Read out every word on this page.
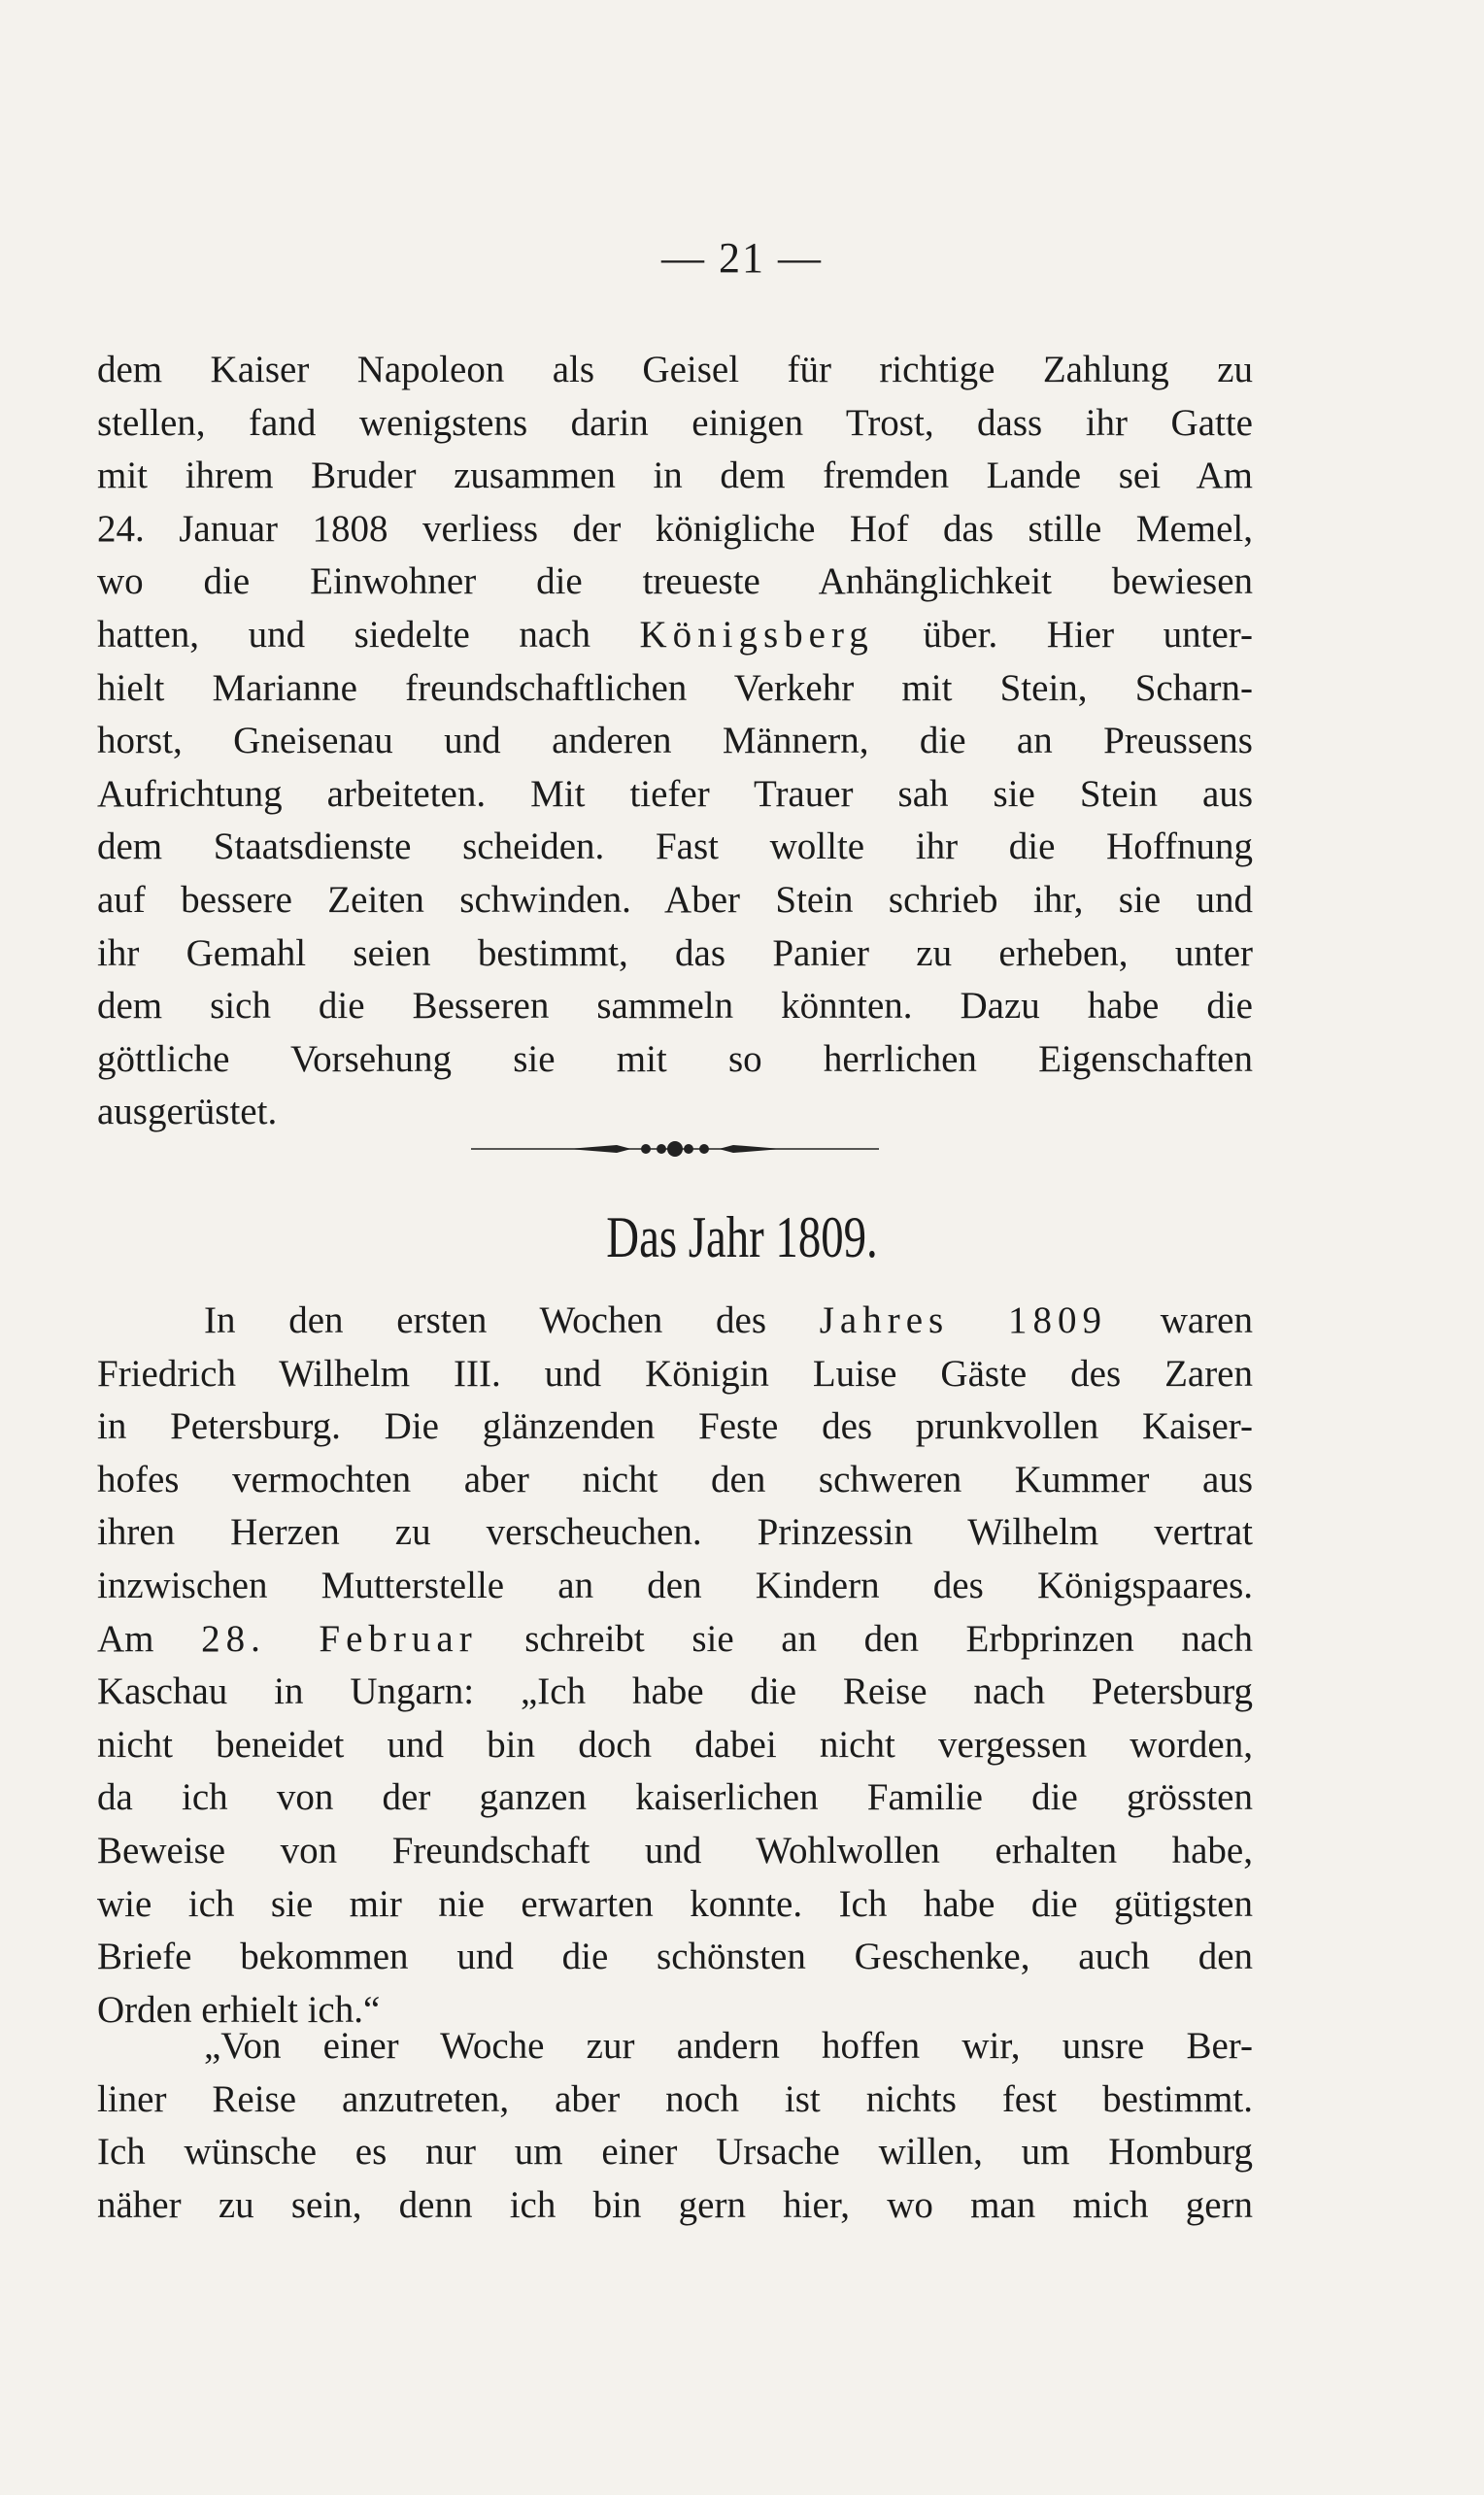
— 21 —
dem Kaiser Napoleon als Geisel für richtige Zahlung zu
stellen, fand wenigstens darin einigen Trost, dass ihr Gatte
mit ihrem Bruder zusammen in dem fremden Lande sei Am
24. Januar 1808 verliess der königliche Hof das stille Memel,
wo die Einwohner die treueste Anhänglichkeit bewiesen
hatten, und siedelte nach Königsberg über. Hier unter-
hielt Marianne freundschaftlichen Verkehr mit Stein, Scharn-
horst, Gneisenau und anderen Männern, die an Preussens
Aufrichtung arbeiteten. Mit tiefer Trauer sah sie Stein aus
dem Staatsdienste scheiden. Fast wollte ihr die Hoffnung
auf bessere Zeiten schwinden. Aber Stein schrieb ihr, sie und
ihr Gemahl seien bestimmt, das Panier zu erheben, unter
dem sich die Besseren sammeln könnten. Dazu habe die
göttliche Vorsehung sie mit so herrlichen Eigenschaften
ausgerüstet.
Das Jahr 1809.
In den ersten Wochen des Jahres 1809 waren
Friedrich Wilhelm III. und Königin Luise Gäste des Zaren
in Petersburg. Die glänzenden Feste des prunkvollen Kaiser-
hofes vermochten aber nicht den schweren Kummer aus
ihren Herzen zu verscheuchen. Prinzessin Wilhelm vertrat
inzwischen Mutterstelle an den Kindern des Königspaares.
Am 28. Februar schreibt sie an den Erbprinzen nach
Kaschau in Ungarn: „Ich habe die Reise nach Petersburg
nicht beneidet und bin doch dabei nicht vergessen worden,
da ich von der ganzen kaiserlichen Familie die grössten
Beweise von Freundschaft und Wohlwollen erhalten habe,
wie ich sie mir nie erwarten konnte. Ich habe die gütigsten
Briefe bekommen und die schönsten Geschenke, auch den
Orden erhielt ich.“
„Von einer Woche zur andern hoffen wir, unsre Ber-
liner Reise anzutreten, aber noch ist nichts fest bestimmt.
Ich wünsche es nur um einer Ursache willen, um Homburg
näher zu sein, denn ich bin gern hier, wo man mich gern
